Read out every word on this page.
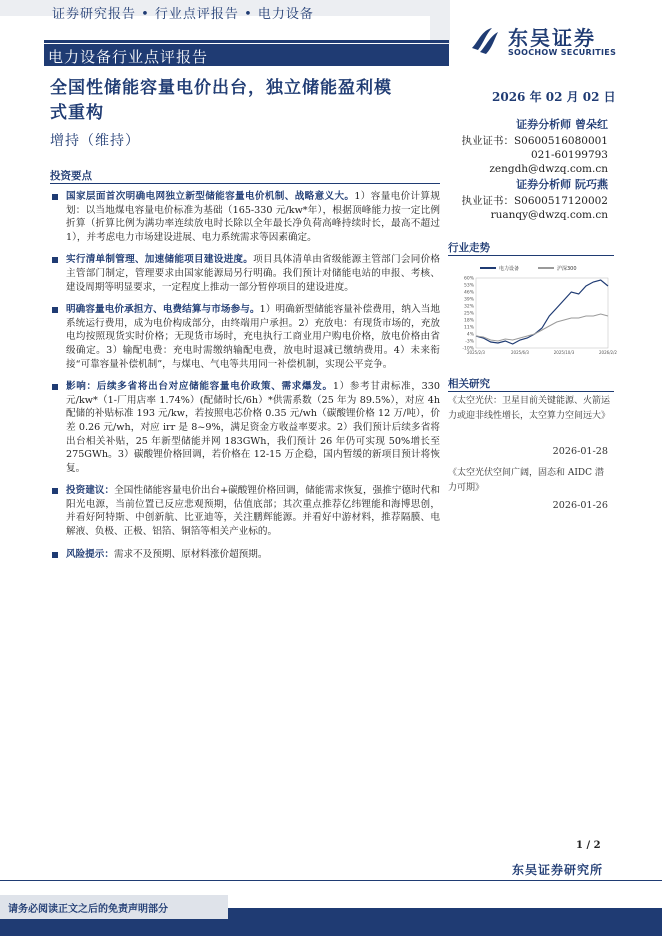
证券研究报告 • 行业点评报告 • 电力设备
电力设备行业点评报告
东吴证券
SOOCHOW SECURITIES
全国性储能容量电价出台，独立储能盈利模
式重构
增持（维持）
2026 年 02 月 02 日
证券分析师 曾朵红
执业证书：S0600516080001
021-60199793
zengdh@dwzq.com.cn
证券分析师 阮巧燕
执业证书：S0600517120002
ruanqy@dwzq.com.cn
投资要点
国家层面首次明确电网独立新型储能容量电价机制、战略意义大。1）容量电价计算规划：以当地煤电容量电价标准为基础（165-330 元/kw*年），根据顶峰能力按一定比例折算（折算比例为满功率连续放电时长除以全年最长净负荷高峰持续时长，最高不超过 1），并考虑电力市场建设进展、电力系统需求等因素确定。
实行清单制管理、加速储能项目建设进度。项目具体清单由省级能源主管部门会同价格主管部门制定，管理要求由国家能源局另行明确。我们预计对储能电站的申报、考核、建设周期等明显要求，一定程度上推动一部分暂停项目的建设进度。
明确容量电价承担方、电费结算与市场参与。1）明确新型储能容量补偿费用，纳入当地系统运行费用，成为电价构成部分，由终端用户承担。2）充放电：有现货市场的，充放电均按照现货实时价格；无现货市场时，充电执行工商业用户购电价格，放电价格由省级确定。3）输配电费：充电时需缴纳输配电费，放电时退减已缴纳费用。4）未来衔接“可靠容量补偿机制”，与煤电、气电等共用同一补偿机制，实现公平竞争。
影响：后续多省将出台对应储能容量电价政策、需求爆发。1）参考甘肃标准，330 元/kw*（1-厂用店率 1.74%）(配储时长/6h）*供需系数（25 年为 89.5%），对应 4h 配储的补贴标准 193 元/kw，若按照电芯价格 0.35 元/wh（碳酸锂价格 12 万/吨），价差 0.26 元/wh，对应 irr 是 8~9%，满足资金方收益率要求。2）我们预计后续多省将出台相关补贴，25 年新型储能并网 183GWh，我们预计 26 年仍可实现 50%增长至 275GWh。3）碳酸锂价格回调，若价格在 12-15 万企稳，国内暂缓的新项目预计将恢复。
投资建议：全国性储能容量电价出台+碳酸锂价格回调，储能需求恢复，强推宁德时代和阳光电源，当前位置已反应悲观预期，估值底部；其次重点推荐亿纬锂能和海博思创，并看好阿特斯、中创新航、比亚迪等，关注鹏辉能源。并看好中游材料，推荐隔膜、电解液、负极、正极、铝箔、铜箔等相关产业标的。
风险提示：需求不及预期、原材料涨价超预期。
行业走势
60%
53%
46%
39%
32%
25%
18%
11%
4%
-3%
-10%
2025/2/3	2025/6/3	2025/10/3	2026/2/2
电力设备	沪深300
相关研究
《太空光伏：卫星目前关键能源、火箭运力或迎非线性增长，太空算力空间远大》
2026-01-28
《太空光伏空间广阔，固态和 AIDC 潜力可期》
2026-01-26
1 / 2
东吴证券研究所
请务必阅读正文之后的免责声明部分
